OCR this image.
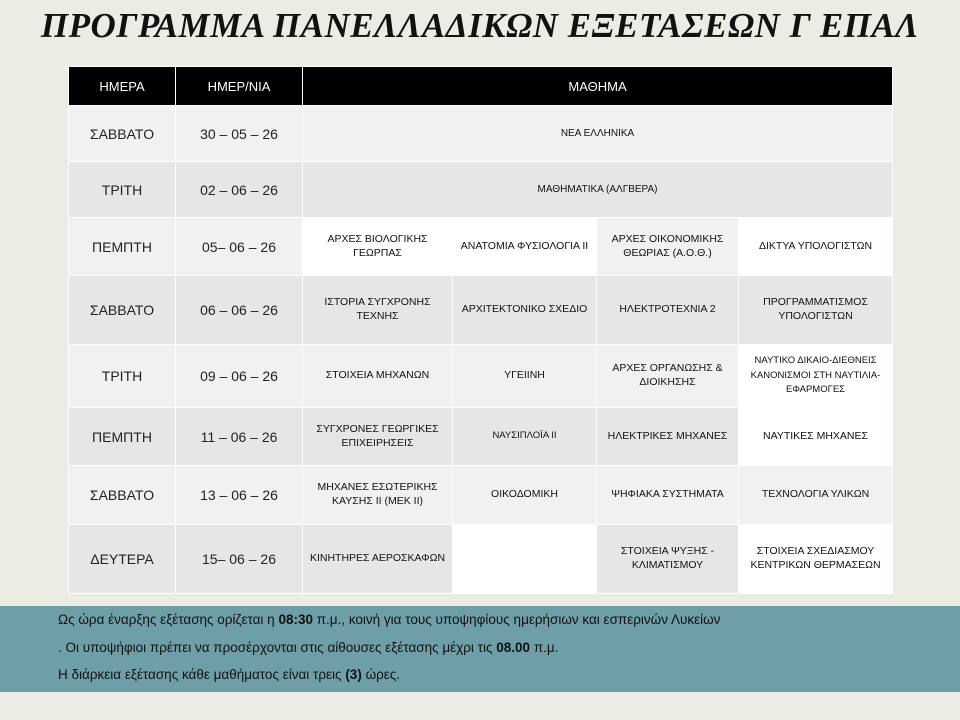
ΠΡΟΓΡΑΜΜΑ ΠΑΝΕΛΛΑΔΙΚΩΝ ΕΞΕΤΑΣΕΩΝ Γ ΕΠΑΛ
ΗΜΕΡΑ	ΗΜΕΡ/ΝΙΑ	ΜΑΘΗΜΑ			
ΣΑΒΒΑΤΟ	30 – 05 – 26	ΝΕΑ ΕΛΛΗΝΙΚΑ			
ΤΡΙΤΗ	02 – 06 – 26	ΜΑΘΗΜΑΤΙΚΑ (ΑΛΓΒΕΡΑ)			
ΠΕΜΠΤΗ	05– 06 – 26	ΑΡΧΕΣ ΒΙΟΛΟΓΙΚΗΣ ΓΕΩΡΠΑΣ	ΑΝΑΤΟΜΙΑ ΦΥΣΙΟΛΟΓΙΑ ΙΙ	ΑΡΧΕΣ ΟΙΚΟΝΟΜΙΚΗΣ ΘΕΩΡΙΑΣ (Α.Ο.Θ.)	ΔΙΚΤΥΑ ΥΠΟΛΟΓΙΣΤΩΝ
ΣΑΒΒΑΤΟ	06 – 06 – 26	ΙΣΤΟΡΙΑ ΣΥΓΧΡΟΝΗΣ ΤΕΧΝΗΣ	ΑΡΧΙΤΕΚΤΟΝΙΚΟ ΣΧΕΔΙΟ	ΗΛΕΚΤΡΟΤΕΧΝΙΑ 2	ΠΡΟΓΡΑΜΜΑΤΙΣΜΟΣ ΥΠΟΛΟΓΙΣΤΩΝ
ΤΡΙΤΗ	09 – 06 – 26	ΣΤΟΙΧΕΙΑ ΜΗΧΑΝΩΝ	ΥΓΕΙΙΝΗ	ΑΡΧΕΣ ΟΡΓΑΝΩΣΗΣ & ΔΙΟΙΚΗΣΗΣ	ΝΑΥΤΙΚΟ ΔΙΚΑΙΟ-ΔΙΕΘΝΕΙΣ ΚΑΝΟΝΙΣΜΟΙ ΣΤΗ ΝΑΥΤΙΛΙΑ-ΕΦΑΡΜΟΓΕΣ
ΠΕΜΠΤΗ	11 – 06 – 26	ΣΥΓΧΡΟΝΕΣ ΓΕΩΡΓΙΚΕΣ ΕΠΙΧΕΙΡΗΣΕΙΣ	ΝΑΥΣΙΠΛΟΪΑ ΙΙ	ΗΛΕΚΤΡΙΚΕΣ ΜΗΧΑΝΕΣ	ΝΑΥΤΙΚΕΣ ΜΗΧΑΝΕΣ
ΣΑΒΒΑΤΟ	13 – 06 – 26	ΜΗΧΑΝΕΣ ΕΣΩΤΕΡΙΚΗΣ ΚΑΥΣΗΣ ΙΙ (ΜΕΚ ΙΙ)	ΟΙΚΟΔΟΜΙΚΗ	ΨΗΦΙΑΚΑ ΣΥΣΤΗΜΑΤΑ	ΤΕΧΝΟΛΟΓΙΑ ΥΛΙΚΩΝ
ΔΕΥΤΕΡΑ	15– 06 – 26	ΚΙΝΗΤΗΡΕΣ ΑΕΡΟΣΚΑΦΩΝ		ΣΤΟΙΧΕΙΑ ΨΥΞΗΣ - ΚΛΙΜΑΤΙΣΜΟΥ	ΣΤΟΙΧΕΙΑ ΣΧΕΔΙΑΣΜΟΥ ΚΕΝΤΡΙΚΩΝ ΘΕΡΜΑΣΕΩΝ

Ως ώρα έναρξης εξέτασης ορίζεται η 08:30 π.μ., κοινή για τους υποψηφίους ημερήσιων και εσπερινών Λυκείων

. Οι υποψήφιοι πρέπει να προσέρχονται στις αίθουσες εξέτασης μέχρι τις 08.00 π.μ.

Η διάρκεια εξέτασης κάθε μαθήματος είναι τρεις (3) ώρες.
